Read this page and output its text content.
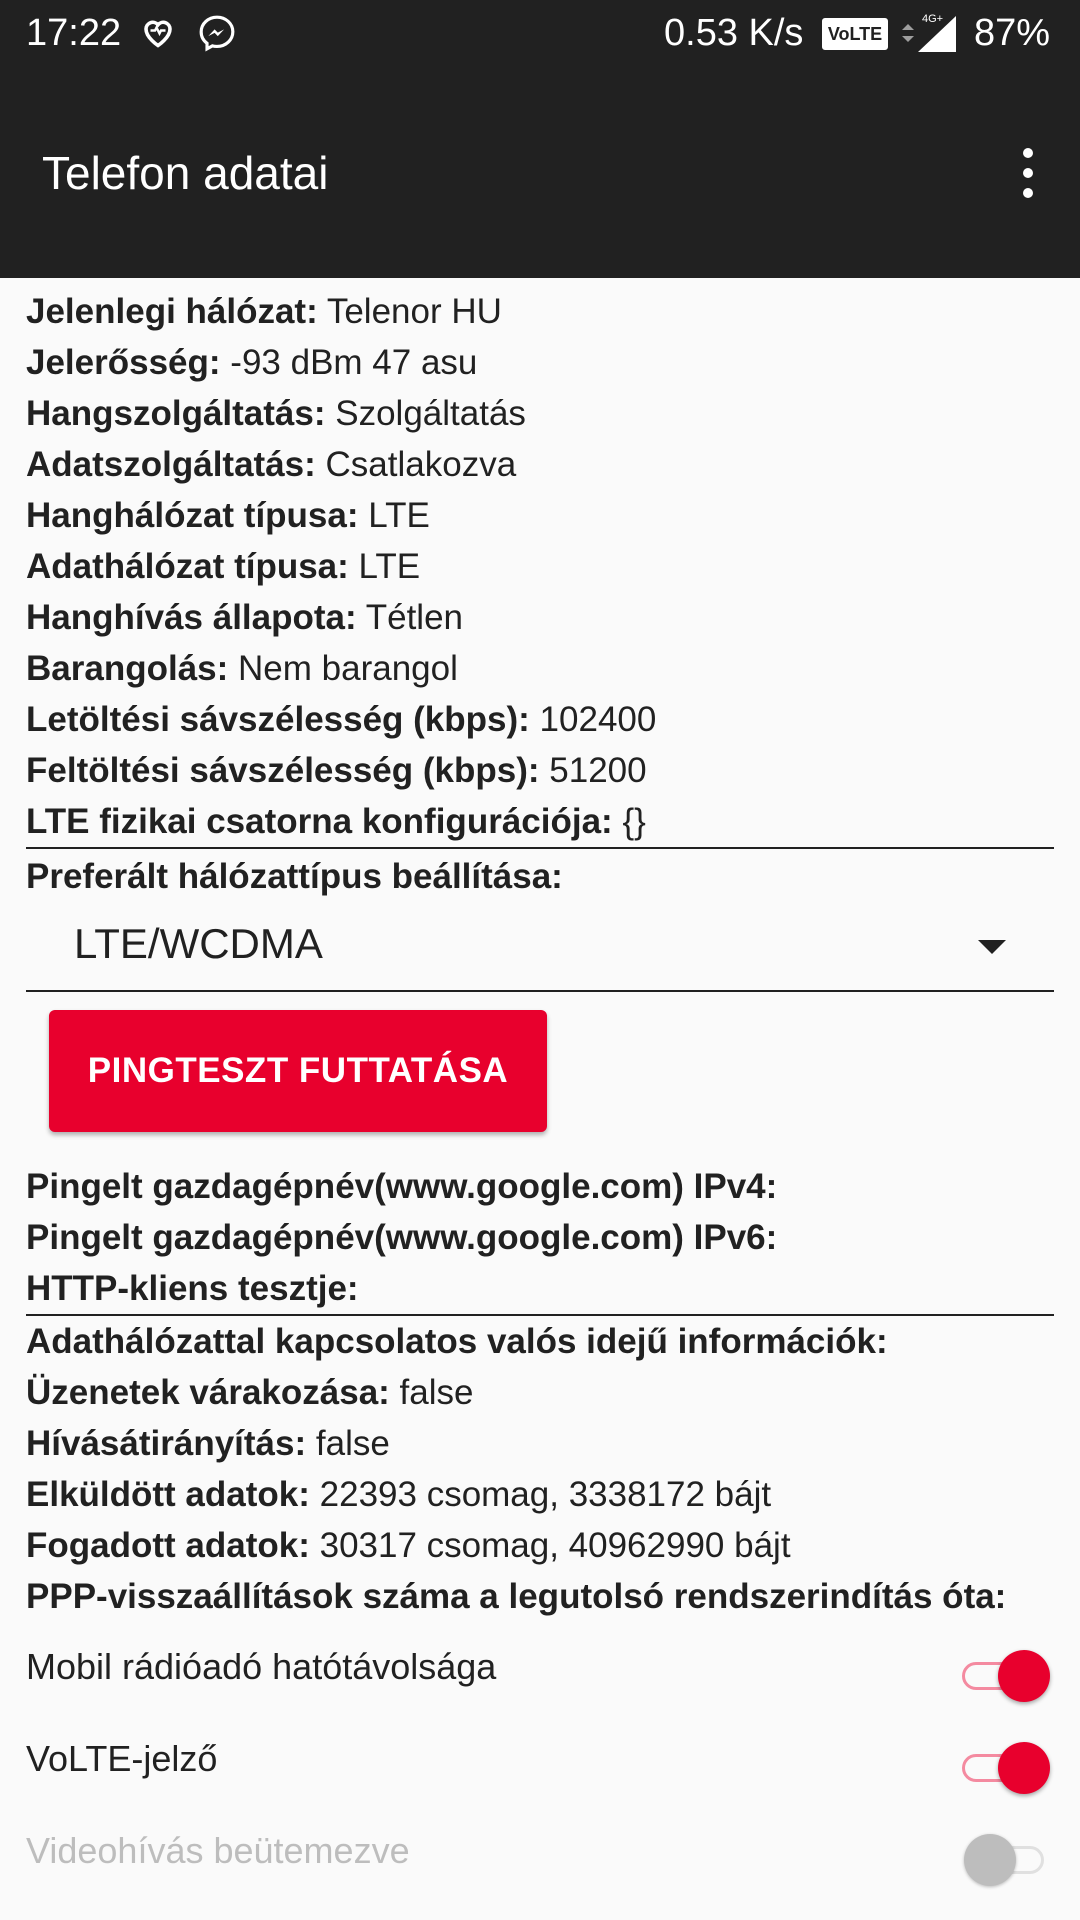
17:22	0.53 K/s	VoLTE
4G+ 87%
Telefon adatai
Jelenlegi hálózat: Telenor HU
Jelerősség: -93 dBm 47 asu
Hangszolgáltatás: Szolgáltatás
Adatszolgáltatás: Csatlakozva
Hanghálózat típusa: LTE
Adathálózat típusa: LTE
Hanghívás állapota: Tétlen
Barangolás: Nem barangol
Letöltési sávszélesség (kbps): 102400
Feltöltési sávszélesség (kbps): 51200
LTE fizikai csatorna konfigurációja: {}
Preferált hálózattípus beállítása:
LTE/WCDMA
PINGTESZT FUTTATÁSA
Pingelt gazdagépnév(www.google.com) IPv4:
Pingelt gazdagépnév(www.google.com) IPv6:
HTTP-kliens tesztje:
Adathálózattal kapcsolatos valós idejű információk:
Üzenetek várakozása: false
Hívásátirányítás: false
Elküldött adatok: 22393 csomag, 3338172 bájt
Fogadott adatok: 30317 csomag, 40962990 bájt
PPP-visszaállítások száma a legutolsó rendszerindítás óta:
Mobil rádióadó hatótávolsága
VoLTE-jelző
Videohívás beütemezve
